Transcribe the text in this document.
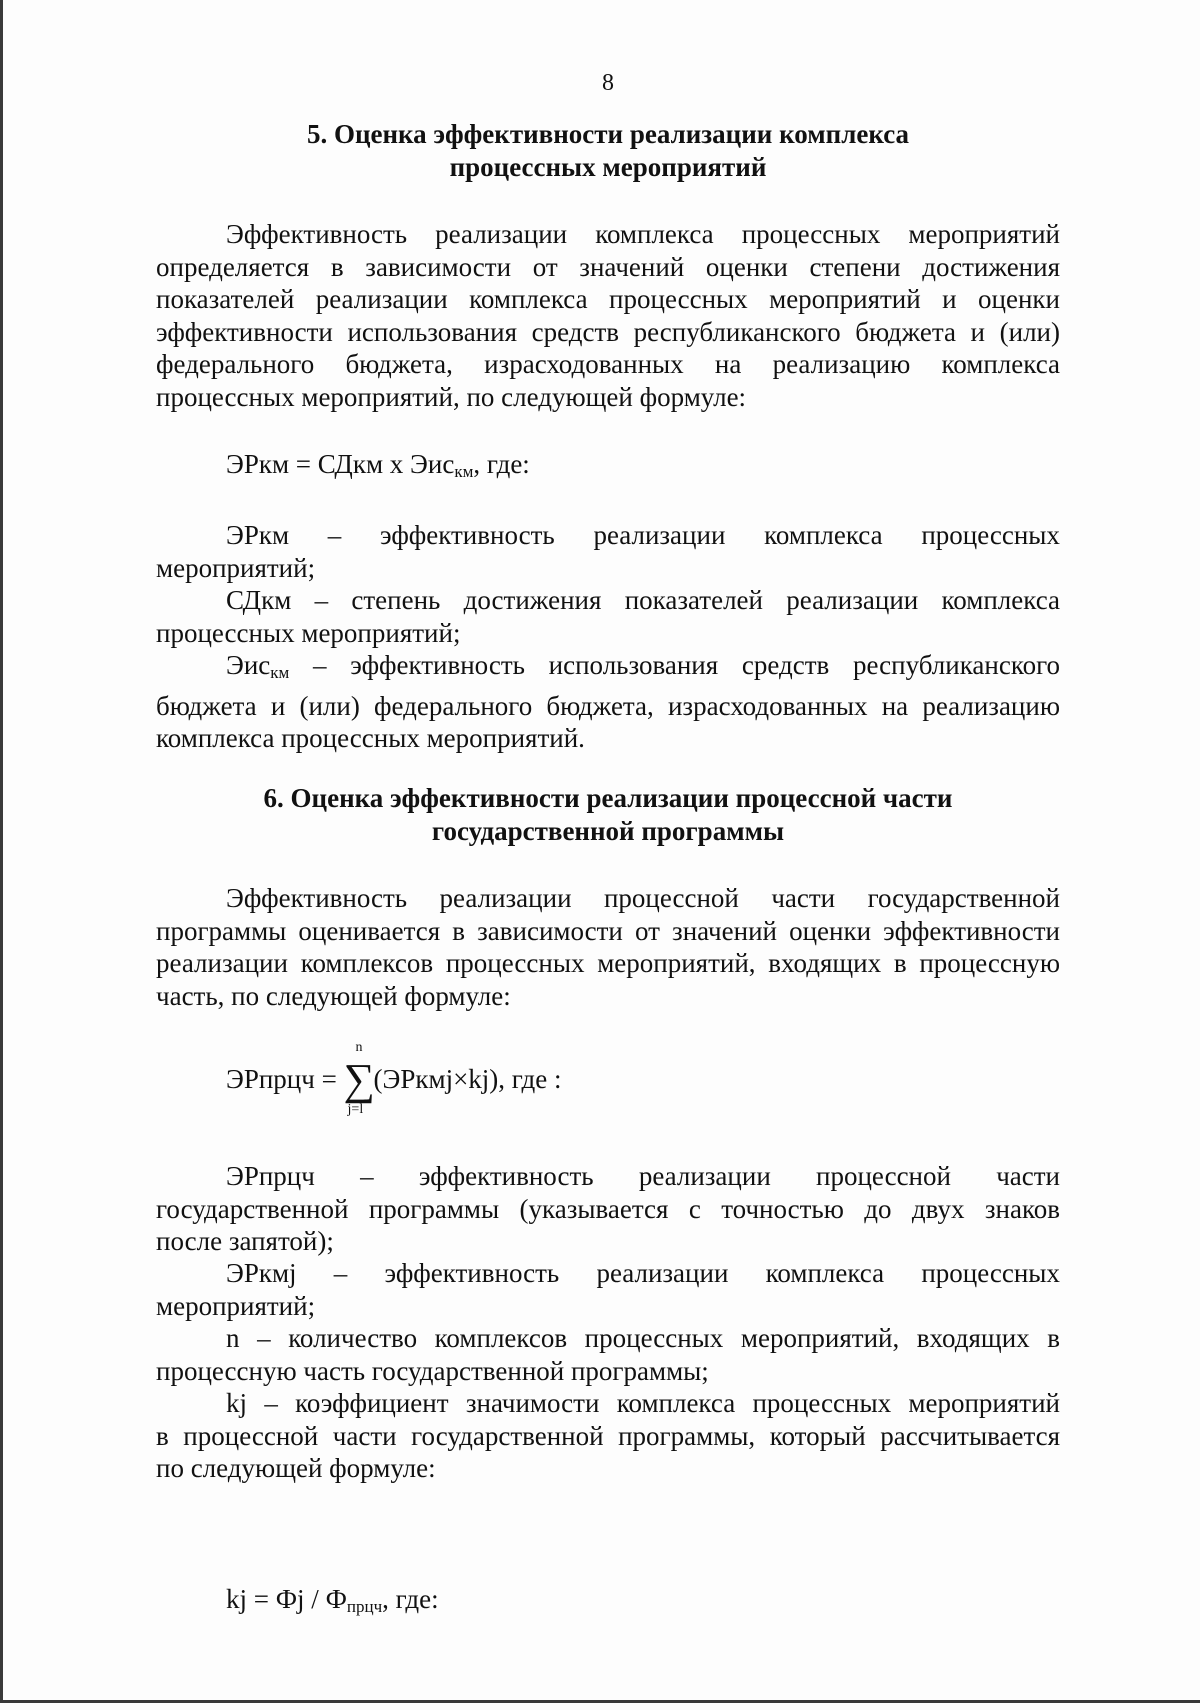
8
5. Оценка эффективности реализации комплекса
процессных мероприятий
Эффективность реализации комплекса процессных мероприятий
определяется в зависимости от значений оценки степени достижения
показателей реализации комплекса процессных мероприятий и оценки
эффективности использования средств республиканского бюджета и (или)
федерального бюджета, израсходованных на реализацию комплекса
процессных мероприятий, по следующей формуле:
ЭРкм = СДкм х Эис$_{км}$, где:
ЭРкм – эффективность реализации комплекса процессных
мероприятий;
СДкм – степень достижения показателей реализации комплекса
процессных мероприятий;
Эис$_{км}$ – эффективность использования средств республиканского
бюджета и (или) федерального бюджета, израсходованных на реализацию
комплекса процессных мероприятий.
6. Оценка эффективности реализации процессной части
государственной программы
Эффективность реализации процессной части государственной
программы оценивается в зависимости от значений оценки эффективности
реализации комплексов процессных мероприятий, входящих в процессную
часть, по следующей формуле:
ЭРпрцч =
n
∑
j=l
(ЭРкмj×kj), где :
ЭРпрцч – эффективность реализации процессной части
государственной программы (указывается с точностью до двух знаков
после запятой);
ЭРкмj – эффективность реализации комплекса процессных
мероприятий;
n – количество комплексов процессных мероприятий, входящих в
процессную часть государственной программы;
kj – коэффициент значимости комплекса процессных мероприятий
в процессной части государственной программы, который рассчитывается
по следующей формуле:
kj = Фj / $Ф_{прцч}$, где:
